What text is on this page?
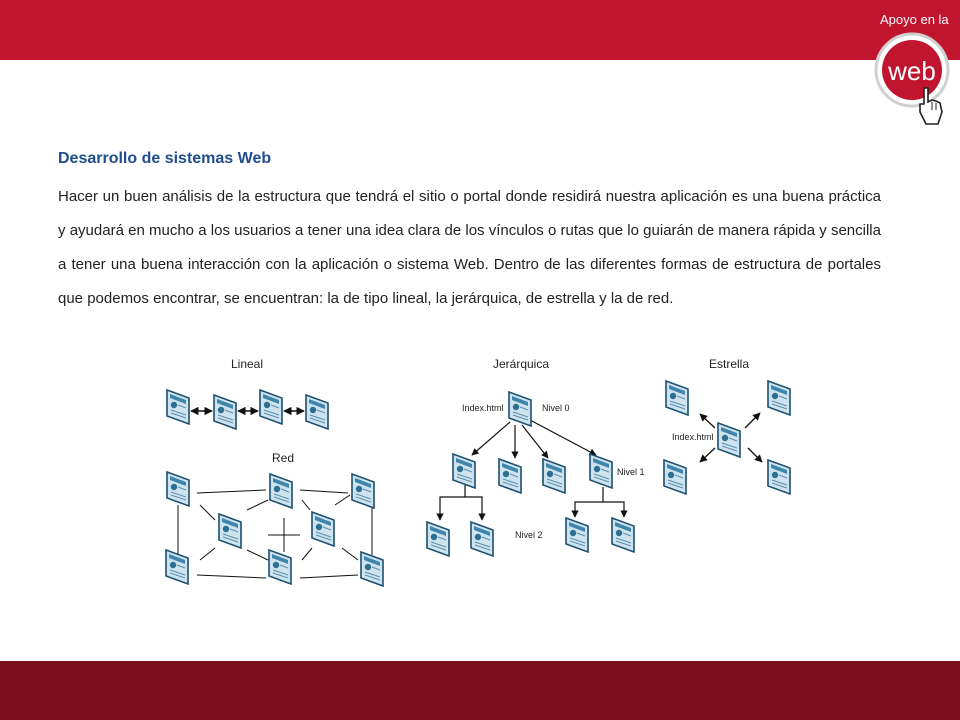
Apoyo en la
web
Desarrollo de sistemas Web
Hacer un buen análisis de la estructura que tendrá el sitio o portal donde residirá nuestra aplicación es una buena práctica y ayudará en mucho a los usuarios a tener una idea clara de los vínculos o rutas que lo guiarán de manera rápida y sencilla a tener una buena interacción con la aplicación o sistema Web. Dentro de las diferentes formas de estructura de portales que podemos encontrar, se encuentran: la de tipo lineal, la jerárquica, de estrella y la de red.
Lineal	Jerárquica	Estrella
Red
Index.html	Nivel 0
Nivel 1
Nivel 2
Index.html
